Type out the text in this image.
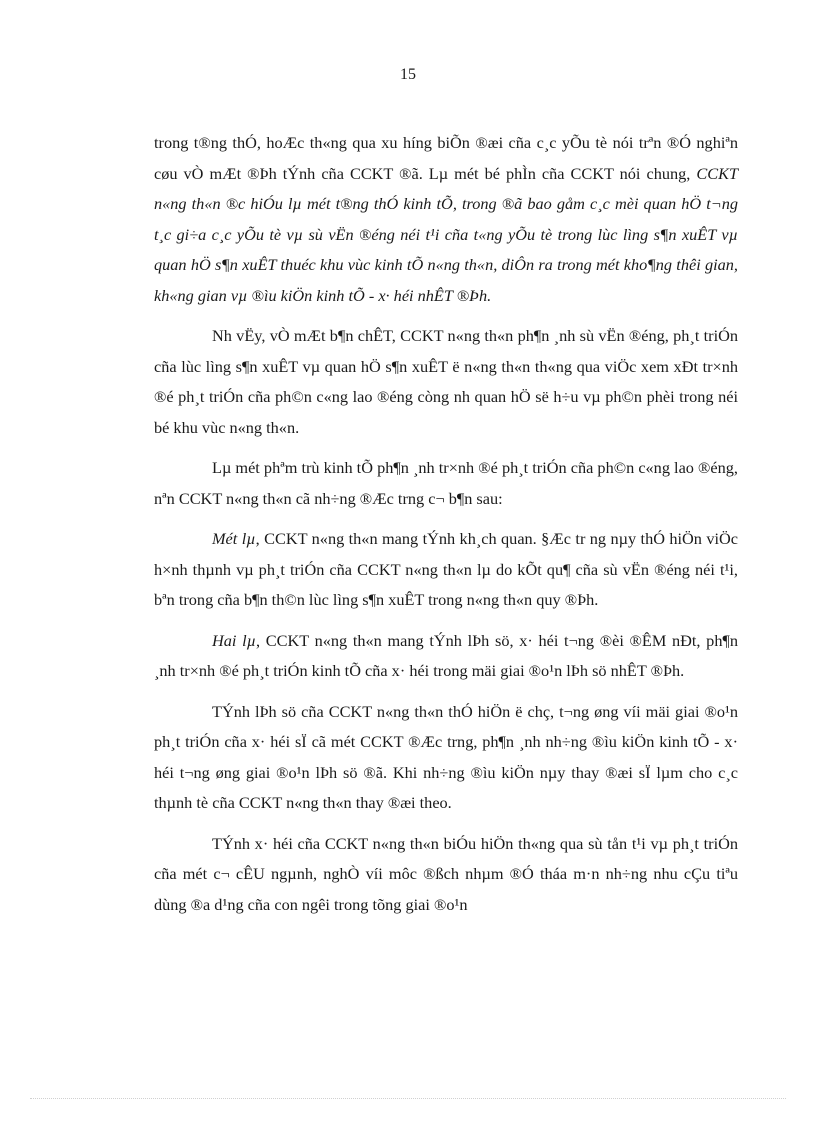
15

trong t®ng thÓ, hoÆc th«ng qua xu híng biÕn ®æi cña c¸c yÕu tè nói trªn ®Ó nghiªn cøu vÒ mÆt ®Þh tÝnh cña CCKT ®ã. Lµ mét bé phÌn cña CCKT nói chung, CCKT n«ng th«n ®c hiÓu lµ mét t®ng thÓ kinh tÕ, trong ®ã bao gåm c¸c mèi quan hÖ t¬ng t¸c gi÷a c¸c yÕu tè vµ sù vËn ®éng néi t¹i cña t«ng yÕu tè trong lùc lìng s¶n xuÊT vµ quan hÖ s¶n xuÊT thuéc khu vùc kinh tÕ n«ng th«n, diÔn ra trong mét kho¶ng thêi gian, kh«ng gian vµ ®ìu kiÖn kinh tÕ - x· héi nhÊT ®Þh.

Nh vËy, vÒ mÆt b¶n chÊT, CCKT n«ng th«n ph¶n ¸nh sù vËn ®éng, ph¸t triÓn cña lùc lìng s¶n xuÊT vµ quan hÖ s¶n xuÊT ë n«ng th«n th«ng qua viÖc xem xÐt tr×nh ®é ph¸t triÓn cña ph©n c«ng lao ®éng còng nh quan hÖ së h÷u vµ ph©n phèi trong néi bé khu vùc n«ng th«n.

Lµ mét phªm trù kinh tÕ ph¶n ¸nh tr×nh ®é ph¸t triÓn cña ph©n c«ng lao ®éng, nªn CCKT n«ng th«n cã nh÷ng ®Æc trng c¬ b¶n sau:

Mét lµ, CCKT n«ng th«n mang tÝnh kh¸ch quan. §Æc tr ng nµy thÓ hiÖn viÖc h×nh thµnh vµ ph¸t triÓn cña CCKT n«ng th«n lµ do kÕt qu¶ cña sù vËn ®éng néi t¹i, bªn trong cña b¶n th©n lùc lìng s¶n xuÊT trong n«ng th«n quy ®Þh.

Hai lµ, CCKT n«ng th«n mang tÝnh lÞh sö, x· héi t¬ng ®èi ®ÊM nÐt, ph¶n ¸nh tr×nh ®é ph¸t triÓn kinh tÕ cña x· héi trong mäi giai ®o¹n lÞh sö nhÊT ®Þh.

TÝnh lÞh sö cña CCKT n«ng th«n thÓ hiÖn ë chç, t¬ng øng víi mäi giai ®o¹n ph¸t triÓn cña x· héi sÏ cã mét CCKT ®Æc trng, ph¶n ¸nh nh÷ng ®ìu kiÖn kinh tÕ - x· héi t¬ng øng giai ®o¹n lÞh sö ®ã. Khi nh÷ng ®ìu kiÖn nµy thay ®æi sÏ lµm cho c¸c thµnh tè cña CCKT n«ng th«n thay ®æi theo.

TÝnh x· héi cña CCKT n«ng th«n biÓu hiÖn th«ng qua sù tån t¹i vµ ph¸t triÓn cña mét c¬ cÊU ngµnh, nghÒ víi môc ®ßch nhµm ®Ó tháa m·n nh÷ng nhu cÇu tiªu dùng ®a d¹ng cña con ngêi trong tõng giai ®o¹n
